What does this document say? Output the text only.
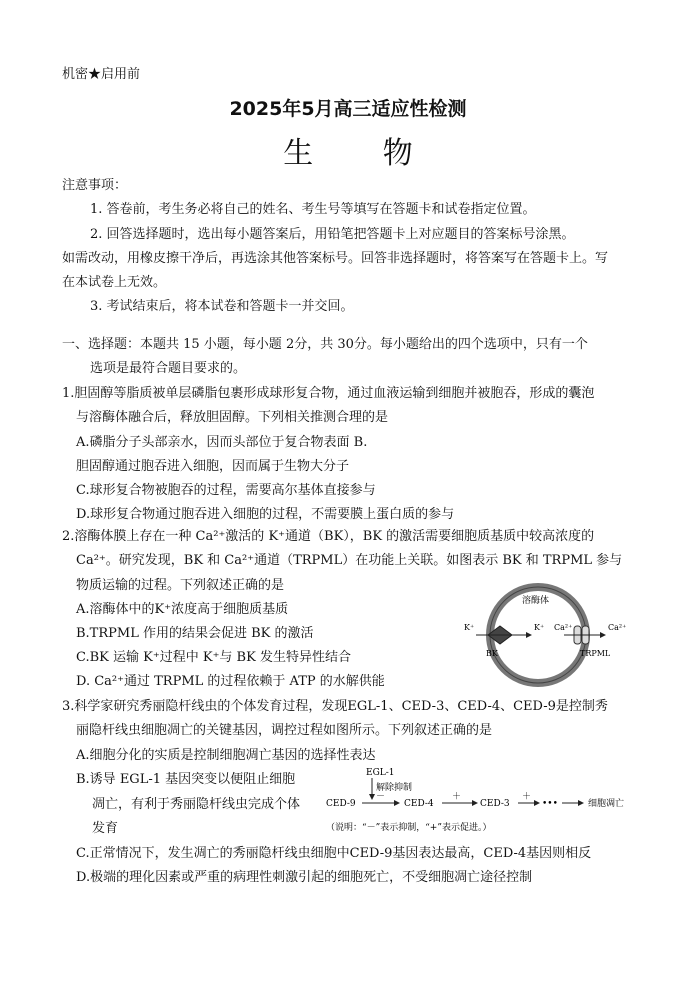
机密★启用前
2025年5月高三适应性检测
生 物
注意事项：
1. 答卷前，考生务必将自己的姓名、考生号等填写在答题卡和试卷指定位置。
2. 回答选择题时，选出每小题答案后，用铅笔把答题卡上对应题目的答案标号涂黑。
如需改动，用橡皮擦干净后，再选涂其他答案标号。回答非选择题时，将答案写在答题卡上。写
在本试卷上无效。
3. 考试结束后，将本试卷和答题卡一并交回。
一、选择题：本题共 15 小题，每小题 2分，共 30分。每小题给出的四个选项中，只有一个
选项是最符合题目要求的。
1.胆固醇等脂质被单层磷脂包裹形成球形复合物，通过血液运输到细胞并被胞吞，形成的囊泡
与溶酶体融合后，释放胆固醇。下列相关推测合理的是
A.磷脂分子头部亲水，因而头部位于复合物表面 B.
胆固醇通过胞吞进入细胞，因而属于生物大分子
C.球形复合物被胞吞的过程，需要高尔基体直接参与
D.球形复合物通过胞吞进入细胞的过程，不需要膜上蛋白质的参与
2.溶酶体膜上存在一种 Ca²⁺激活的 K⁺通道（BK），BK 的激活需要细胞质基质中较高浓度的
Ca²⁺。研究发现，BK 和 Ca²⁺通道（TRPML）在功能上关联。如图表示 BK 和 TRPML 参与
物质运输的过程。下列叙述正确的是
A.溶酶体中的K⁺浓度高于细胞质基质
B.TRPML 作用的结果会促进 BK 的激活
C.BK 运输 K⁺过程中 K⁺与 BK 发生特异性结合
D. Ca²⁺通过 TRPML 的过程依赖于 ATP 的水解供能
溶酶体
K⁺	K⁺
BK
Ca²⁺	Ca²⁺
TRPML
3.科学家研究秀丽隐杆线虫的个体发育过程，发现EGL-1、CED-3、CED-4、CED-9是控制秀
丽隐杆线虫细胞凋亡的关键基因，调控过程如图所示。下列叙述正确的是
A.细胞分化的实质是控制细胞凋亡基因的选择性表达
B.诱导 EGL-1 基因突变以便阻止细胞
凋亡，有利于秀丽隐杆线虫完成个体
发育
C.正常情况下，发生凋亡的秀丽隐杆线虫细胞中CED-9基因表达最高，CED-4基因则相反
D.极端的理化因素或严重的病理性刺激引起的细胞死亡，不受细胞凋亡途径控制
EGL-1
解除抑制
CED-9
－
CED-4
＋
CED-3
＋
•••	细胞凋亡
（说明：“－”表示抑制，“+”表示促进。）
